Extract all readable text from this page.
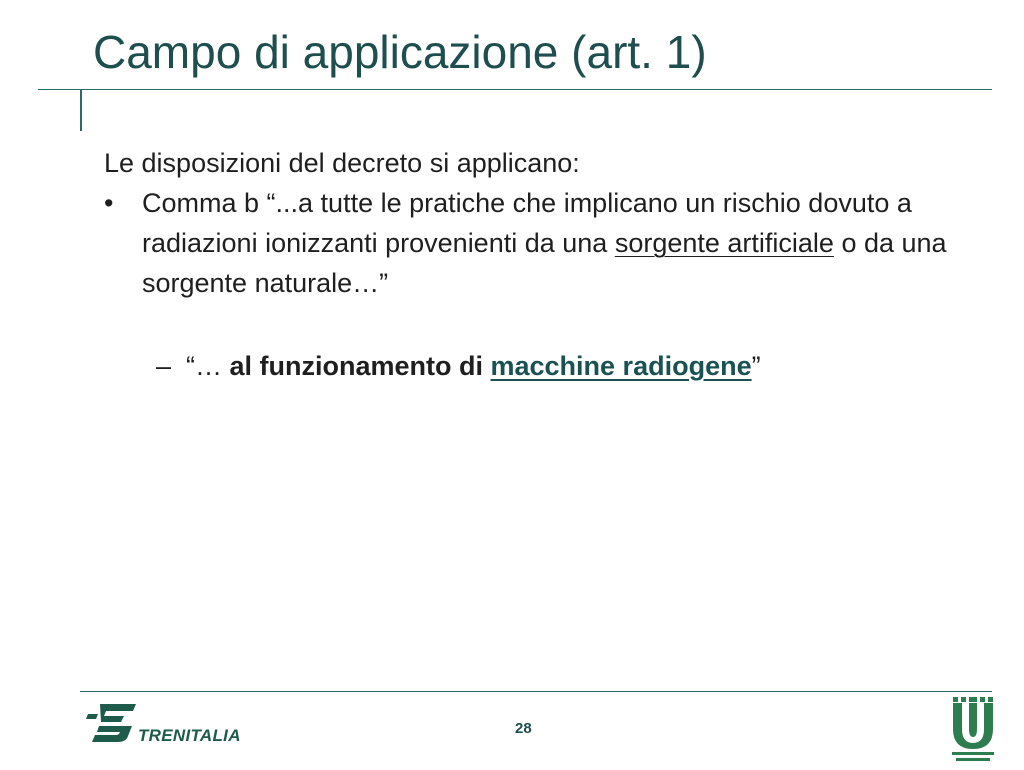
Campo di applicazione (art. 1)

Le disposizioni del decreto si applicano:

• Comma b “...a tutte le pratiche che implicano un rischio dovuto a radiazioni ionizzanti provenienti da una sorgente artificiale o da una sorgente naturale…”

– “… al funzionamento di macchine radiogene”

TRENITALIA	28
